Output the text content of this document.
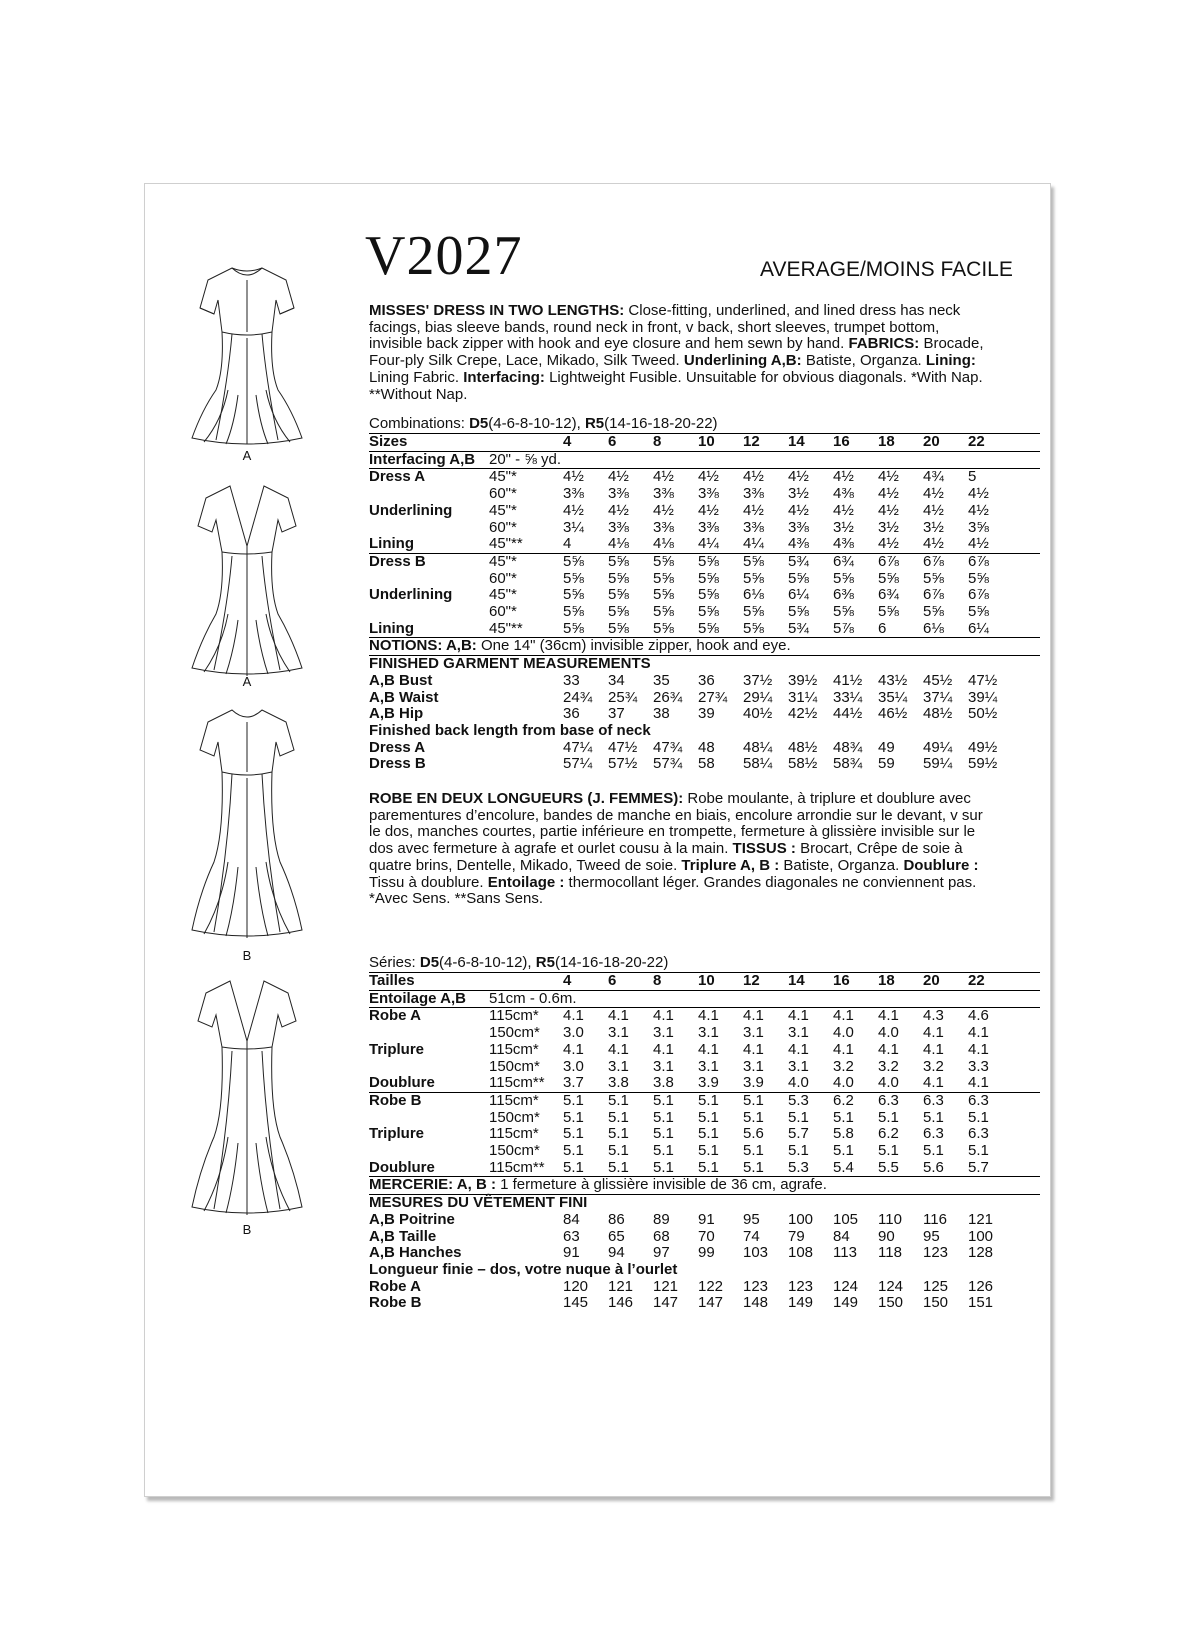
A
A
B
B
V2027	AVERAGE/MOINS FACILE
MISSES' DRESS IN TWO LENGTHS: Close-fitting, underlined, and lined dress has neck facings, bias sleeve bands, round neck in front, v back, short sleeves, trumpet bottom, invisible back zipper with hook and eye closure and hem sewn by hand. FABRICS: Brocade, Four-ply Silk Crepe, Lace, Mikado, Silk Tweed. Underlining A,B: Batiste, Organza. Lining: Lining Fabric. Interfacing: Lightweight Fusible. Unsuitable for obvious diagonals. *With Nap. **Without Nap.
Combinations: D5(4-6-8-10-12), R5(14-16-18-20-22)
Sizes		4	6	8	10	12	14	16	18	20	22	
Interfacing A,B	20" - ⅝ yd.											
Dress A	45"*	4½	4½	4½	4½	4½	4½	4½	4½	4¾	5	
	60"*	3⅜	3⅜	3⅜	3⅜	3⅜	3½	4⅜	4½	4½	4½	
Underlining	45"*	4½	4½	4½	4½	4½	4½	4½	4½	4½	4½	
	60"*	3¼	3⅜	3⅜	3⅜	3⅜	3⅜	3½	3½	3½	3⅝	
Lining	45"**	4	4⅛	4⅛	4¼	4¼	4⅜	4⅜	4½	4½	4½	
Dress B	45"*	5⅝	5⅝	5⅝	5⅝	5⅝	5¾	6¾	6⅞	6⅞	6⅞	
	60"*	5⅝	5⅝	5⅝	5⅝	5⅝	5⅝	5⅝	5⅝	5⅝	5⅝	
Underlining	45"*	5⅝	5⅝	5⅝	5⅝	6⅛	6¼	6⅜	6¾	6⅞	6⅞	
	60"*	5⅝	5⅝	5⅝	5⅝	5⅝	5⅝	5⅝	5⅝	5⅝	5⅝	
Lining	45"**	5⅝	5⅝	5⅝	5⅝	5⅝	5¾	5⅞	6	6⅛	6¼	
NOTIONS: A,B: One 14" (36cm) invisible zipper, hook and eye.												
FINISHED GARMENT MEASUREMENTS												
A,B Bust		33	34	35	36	37½	39½	41½	43½	45½	47½	
A,B Waist		24¾	25¾	26¾	27¾	29¼	31¼	33¼	35¼	37¼	39¼	
A,B Hip		36	37	38	39	40½	42½	44½	46½	48½	50½	
Finished back length from base of neck												
Dress A		47¼	47½	47¾	48	48¼	48½	48¾	49	49¼	49½	
Dress B		57¼	57½	57¾	58	58¼	58½	58¾	59	59¼	59½	
ROBE EN DEUX LONGUEURS (J. FEMMES): Robe moulante, à triplure et doublure avec parementures d’encolure, bandes de manche en biais, encolure arrondie sur le devant, v sur le dos, manches courtes, partie inférieure en trompette, fermeture à glissière invisible sur le dos avec fermeture à agrafe et ourlet cousu à la main. TISSUS : Brocart, Crêpe de soie à quatre brins, Dentelle, Mikado, Tweed de soie. Triplure A, B : Batiste, Organza. Doublure : Tissu à doublure. Entoilage : thermocollant léger. Grandes diagonales ne conviennent pas. *Avec Sens. **Sans Sens.
Séries: D5(4-6-8-10-12), R5(14-16-18-20-22)
Tailles		4	6	8	10	12	14	16	18	20	22	
Entoilage A,B	51cm - 0.6m.											
Robe A	115cm*	4.1	4.1	4.1	4.1	4.1	4.1	4.1	4.1	4.3	4.6	
	150cm*	3.0	3.1	3.1	3.1	3.1	3.1	4.0	4.0	4.1	4.1	
Triplure	115cm*	4.1	4.1	4.1	4.1	4.1	4.1	4.1	4.1	4.1	4.1	
	150cm*	3.0	3.1	3.1	3.1	3.1	3.1	3.2	3.2	3.2	3.3	
Doublure	115cm**	3.7	3.8	3.8	3.9	3.9	4.0	4.0	4.0	4.1	4.1	
Robe B	115cm*	5.1	5.1	5.1	5.1	5.1	5.3	6.2	6.3	6.3	6.3	
	150cm*	5.1	5.1	5.1	5.1	5.1	5.1	5.1	5.1	5.1	5.1	
Triplure	115cm*	5.1	5.1	5.1	5.1	5.6	5.7	5.8	6.2	6.3	6.3	
	150cm*	5.1	5.1	5.1	5.1	5.1	5.1	5.1	5.1	5.1	5.1	
Doublure	115cm**	5.1	5.1	5.1	5.1	5.1	5.3	5.4	5.5	5.6	5.7	
MERCERIE: A, B : 1 fermeture à glissière invisible de 36 cm, agrafe.												
MESURES DU VÊTEMENT FINI												
A,B Poitrine		84	86	89	91	95	100	105	110	116	121	
A,B Taille		63	65	68	70	74	79	84	90	95	100	
A,B Hanches		91	94	97	99	103	108	113	118	123	128	
Longueur finie – dos, votre nuque à l’ourlet												
Robe A		120	121	121	122	123	123	124	124	125	126	
Robe B		145	146	147	147	148	149	149	150	150	151	
